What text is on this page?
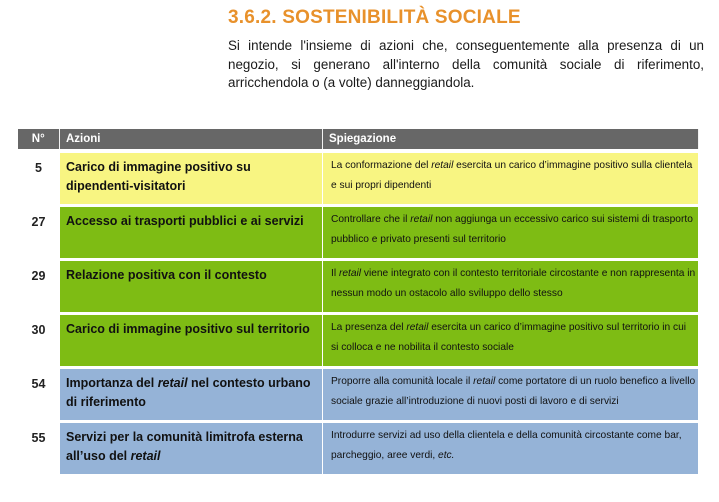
3.6.2. SOSTENIBILITÀ SOCIALE

Si intende l'insieme di azioni che, conseguentemente alla presenza di un negozio, si generano all'interno della comunità sociale di riferimento, arricchendola o (a volte) danneggiandola.

N°	Azioni	Spiegazione
5	Carico di immagine positivo su dipendenti-visitatori	La conformazione del retail esercita un carico d’immagine positivo sulla clientela e sui propri dipendenti
27	Accesso ai trasporti pubblici e ai servizi	Controllare che il retail non aggiunga un eccessivo carico sui sistemi di trasporto pubblico e privato presenti sul territorio
29	Relazione positiva con il contesto	Il retail viene integrato con il contesto territoriale circostante e non rappresenta in nessun modo un ostacolo allo sviluppo dello stesso
30	Carico di immagine positivo sul territorio	La presenza del retail esercita un carico d’immagine positivo sul territorio in cui si colloca e ne nobilita il contesto sociale
54	Importanza del retail nel contesto urbano di riferimento	Proporre alla comunità locale il retail come portatore di un ruolo benefico a livello sociale grazie all’introduzione di nuovi posti di lavoro e di servizi
55	Servizi per la comunità limitrofa esterna all’uso del retail	Introdurre servizi ad uso della clientela e della comunità circostante come bar, parcheggio, aree verdi, etc.
